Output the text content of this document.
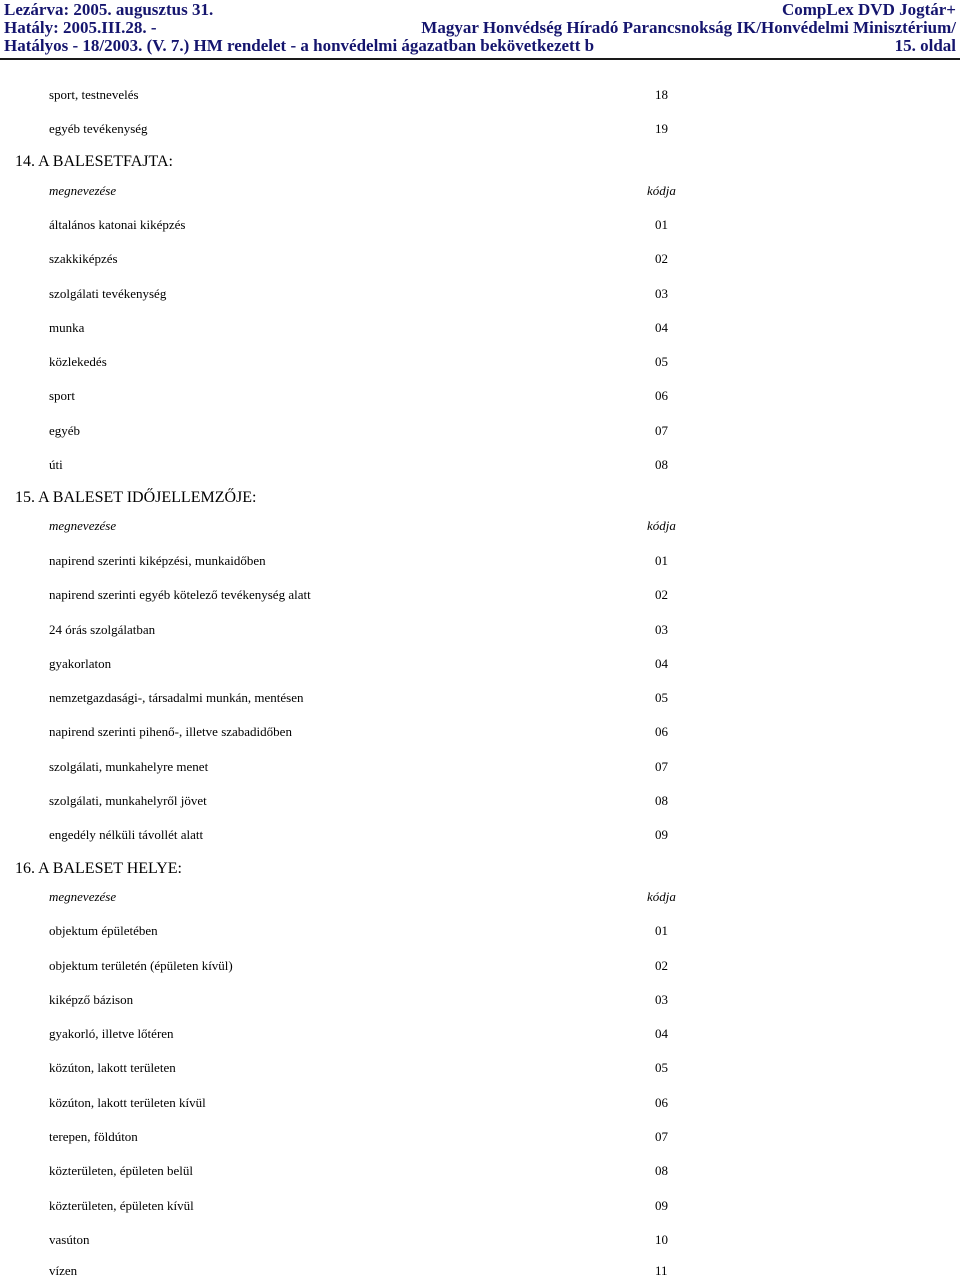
Lezárva: 2005. augusztus 31.	CompLex DVD Jogtár+
Hatály: 2005.III.28. -	Magyar Honvédség Híradó Parancsnokság IK/Honvédelmi Minisztérium/
Hatályos - 18/2003. (V. 7.) HM rendelet - a honvédelmi ágazatban bekövetkezett b	15. oldal
sport, testnevelés	18
egyéb tevékenység	19
14. A BALESETFAJTA:
megnevezése	kódja
általános katonai kiképzés	01
szakkiképzés	02
szolgálati tevékenység	03
munka	04
közlekedés	05
sport	06
egyéb	07
úti	08
15. A BALESET IDŐJELLEMZŐJE:
megnevezése	kódja
napirend szerinti kiképzési, munkaidőben	01
napirend szerinti egyéb kötelező tevékenység alatt	02
24 órás szolgálatban	03
gyakorlaton	04
nemzetgazdasági-, társadalmi munkán, mentésen	05
napirend szerinti pihenő-, illetve szabadidőben	06
szolgálati, munkahelyre menet	07
szolgálati, munkahelyről jövet	08
engedély nélküli távollét alatt	09
16. A BALESET HELYE:
megnevezése	kódja
objektum épületében	01
objektum területén (épületen kívül)	02
kiképző bázison	03
gyakorló, illetve lőtéren	04
közúton, lakott területen	05
közúton, lakott területen kívül	06
terepen, földúton	07
közterületen, épületen belül	08
közterületen, épületen kívül	09
vasúton	10
vízen	11
